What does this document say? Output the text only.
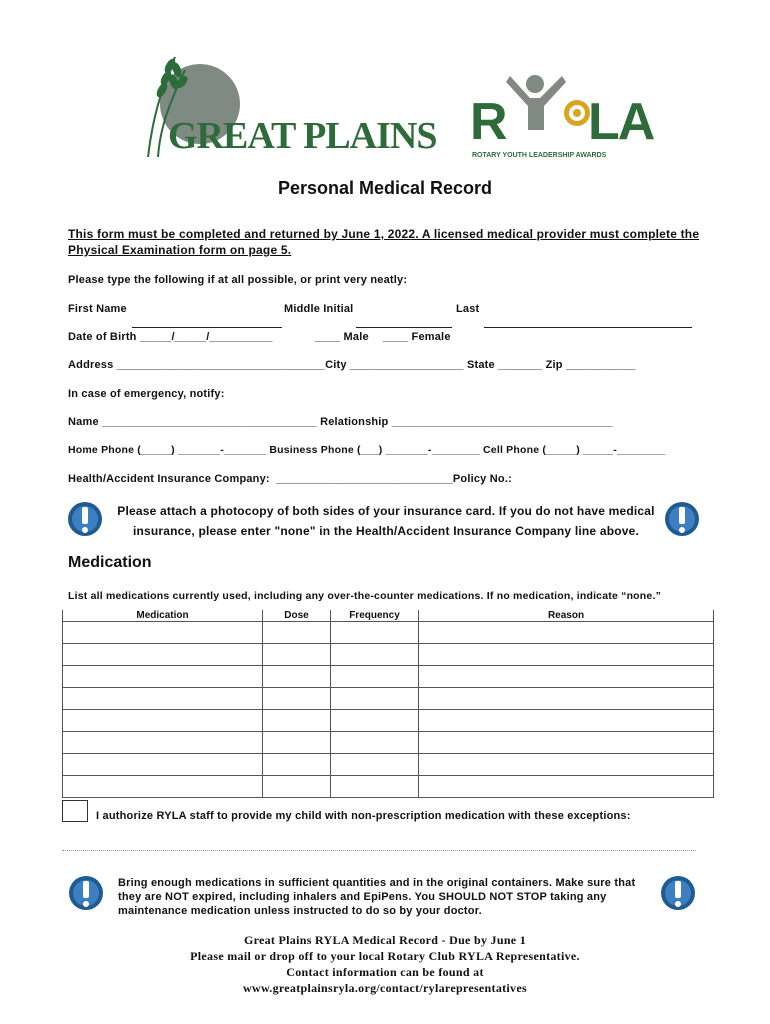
GREAT PLAINS R LA
ROTARY YOUTH LEADERSHIP AWARDS
Personal Medical Record
This form must be completed and returned by June 1, 2022. A licensed medical provider must complete the Physical Examination form on page 5.
Please type the following if at all possible, or print very neatly:
First Name	Middle Initial	Last
Date of Birth _____/_____/__________	____ Male ____ Female
Address _________________________________City __________________ State _______ Zip ___________
In case of emergency, notify:
Name __________________________________ Relationship ___________________________________
Home Phone (_____) _______-_______ Business Phone (___) _______-________ Cell Phone (_____) _____-________
Health/Accident Insurance Company: ____________________________Policy No.:
Please attach a photocopy of both sides of your insurance card. If you do not have medical insurance, please enter "none" in the Health/Accident Insurance Company line above.
Medication
List all medications currently used, including any over-the-counter medications. If no medication, indicate “none.”
Medication	Dose	Frequency	Reason

I authorize RYLA staff to provide my child with non-prescription medication with these exceptions:
Bring enough medications in sufficient quantities and in the original containers. Make sure that they are NOT expired, including inhalers and EpiPens. You SHOULD NOT STOP taking any maintenance medication unless instructed to do so by your doctor.
Great Plains RYLA Medical Record - Due by June 1
Please mail or drop off to your local Rotary Club RYLA Representative.
Contact information can be found at
www.greatplainsryla.org/contact/rylarepresentatives
